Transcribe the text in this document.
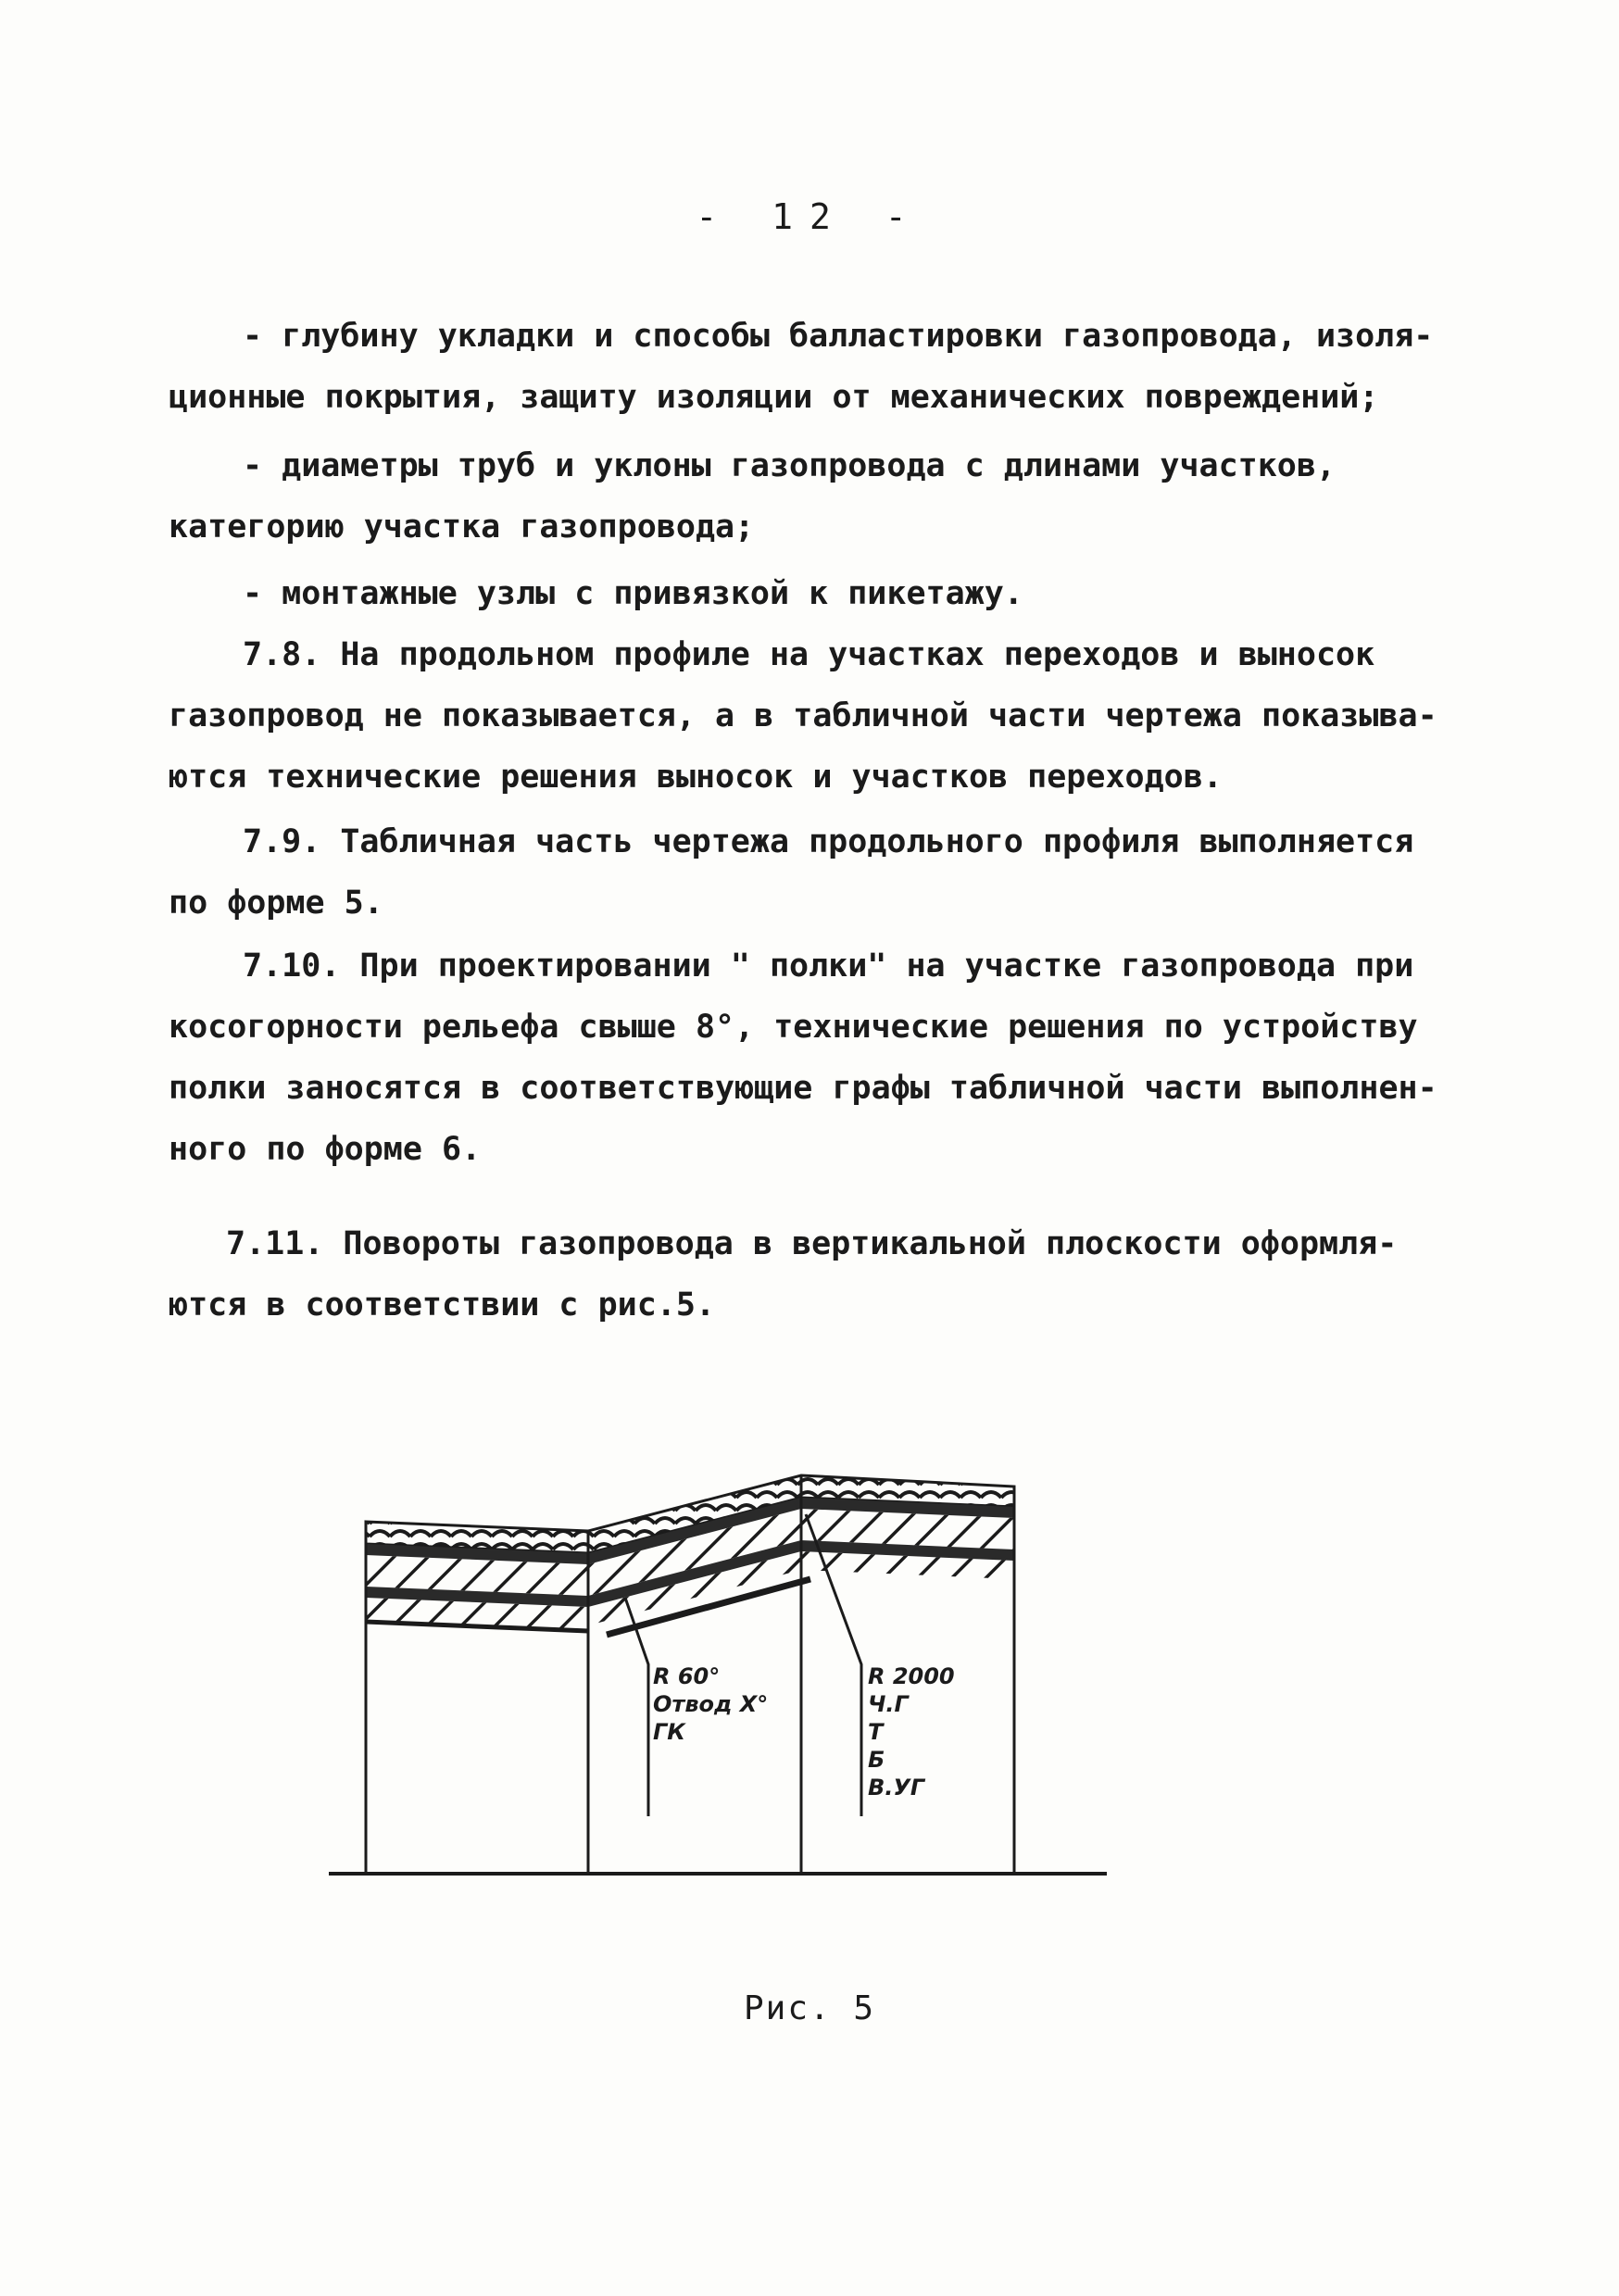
- 12 -
- глубину укладки и способы балластировки газопровода, изоля-
ционные покрытия, защиту изоляции от механических повреждений;
- диаметры труб и уклоны газопровода с длинами участков,
категорию участка газопровода;
- монтажные узлы с привязкой к пикетажу.
7.8. На продольном профиле на участках переходов и выносок
газопровод не показывается, а в табличной части чертежа показыва-
ются технические решения выносок и участков переходов.
7.9. Табличная часть чертежа продольного профиля выполняется
по форме 5.
7.10. При проектировании " полки" на участке газопровода при
косогорности рельефа свыше 8°, технические решения по устройству
полки заносятся в соответствующие графы табличной части выполнен-
ного по форме 6.
7.11. Повороты газопровода в вертикальной плоскости оформля-
ются в соответствии с рис.5.
R 60°
Отвод Х°
ГК
R 2000
Ч.Г
Т
Б
В.УГ
Рис. 5
